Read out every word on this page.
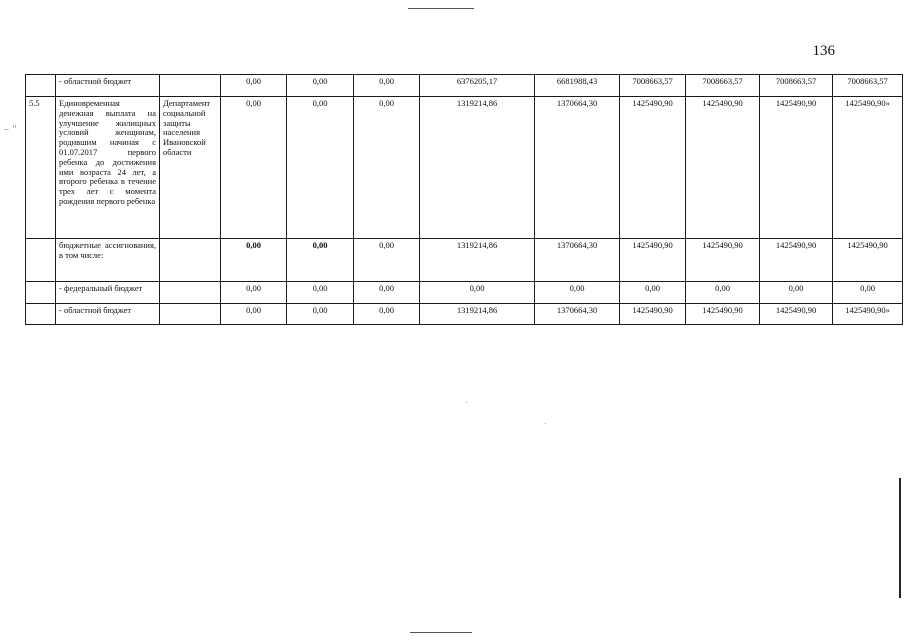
136
– "
	- областной бюджет		0,00	0,00	0,00	6376205,17	6681988,43	7008663,57	7008663,57	7008663,57	7008663,57
5.5	Единовременная денежная выплата на улучшение жилищных условий женщинам, родившим начиная с 01.07.2017 первого ребенка до достижения ими возраста 24 лет, а второго ребенка в течение трех лет с момента рождения первого ребенка	Департамент социальной защиты населения Ивановской области	0,00	0,00	0,00	1319214,86	1370664,30	1425490,90	1425490,90	1425490,90	1425490,90»
	бюджетные ассигнования, в том числе:		0,00	0,00	0,00	1319214,86	1370664,30	1425490,90	1425490,90	1425490,90	1425490,90
	- федеральный бюджет		0,00	0,00	0,00	0,00	0,00	0,00	0,00	0,00	0,00
	- областной бюджет		0,00	0,00	0,00	1319214,86	1370664,30	1425490,90	1425490,90	1425490,90	1425490,90»
